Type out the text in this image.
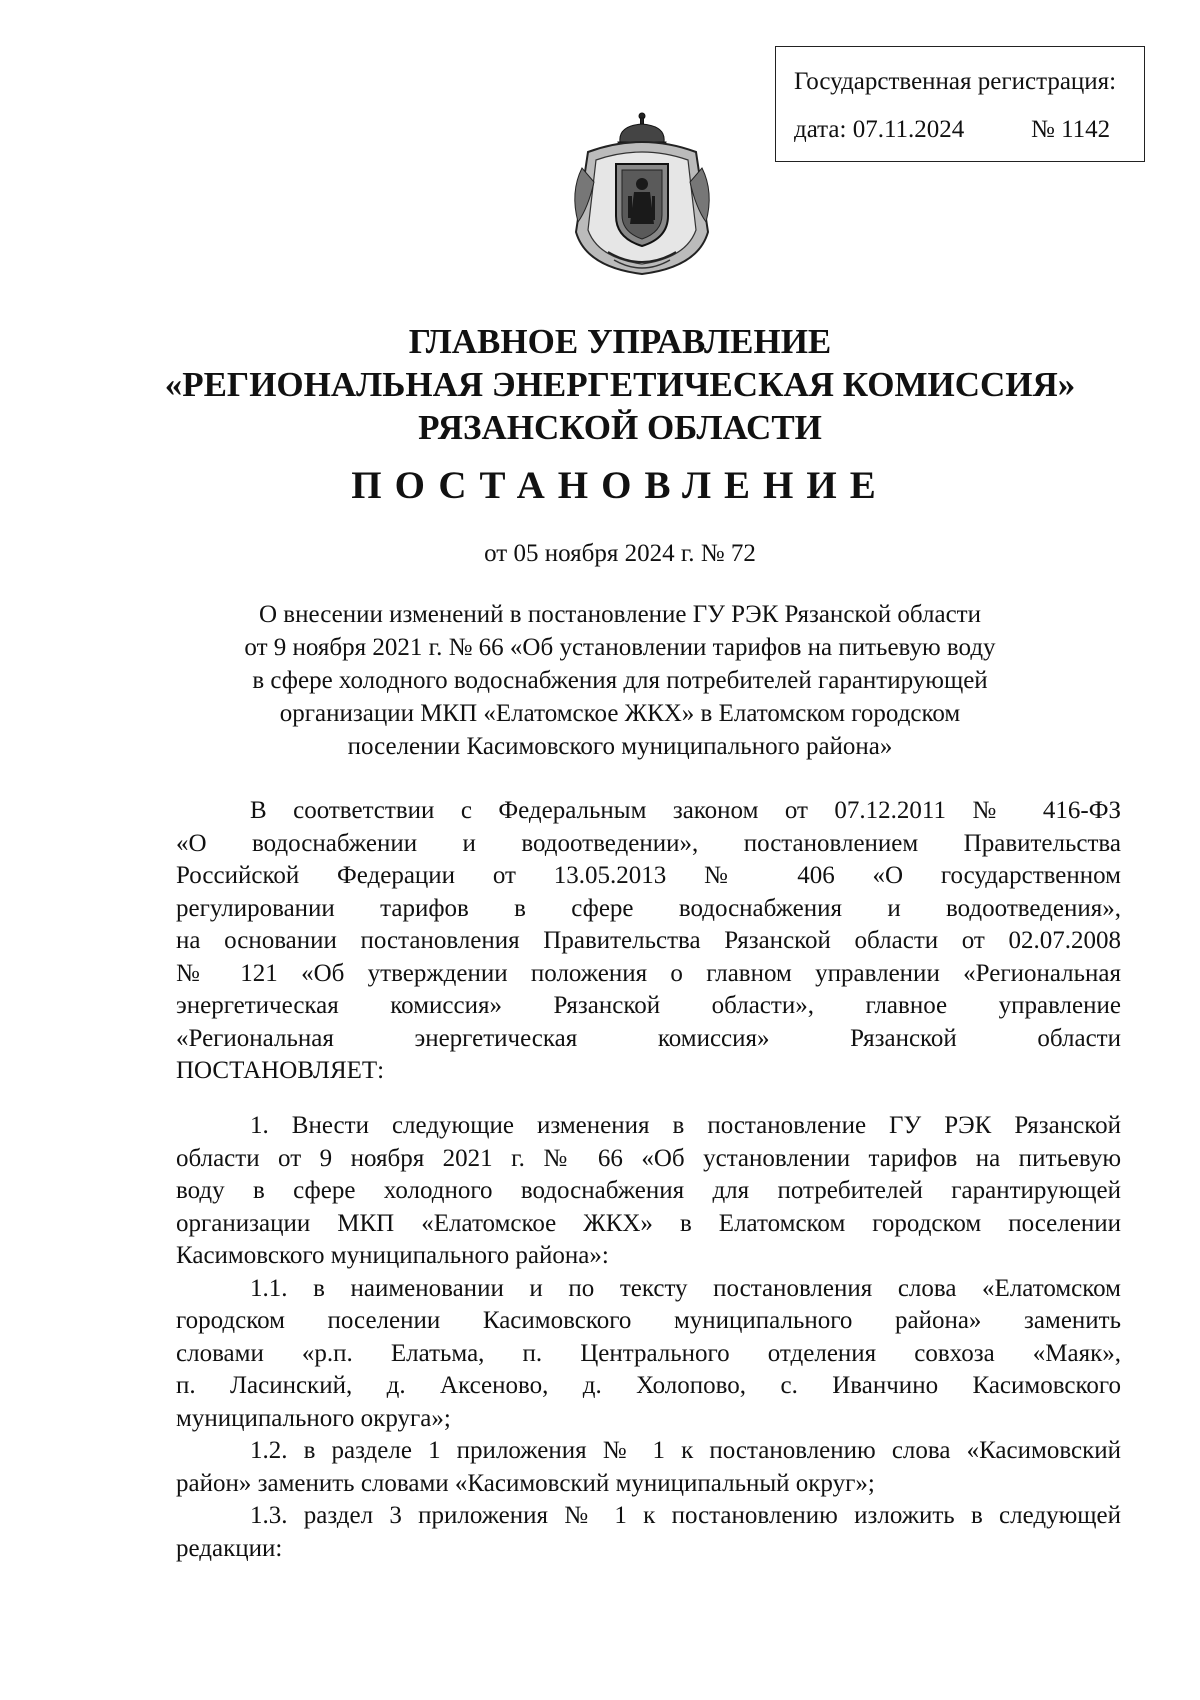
Государственная регистрация:
дата: 07.11.2024	№ 1142
ГЛАВНОЕ УПРАВЛЕНИЕ
«РЕГИОНАЛЬНАЯ ЭНЕРГЕТИЧЕСКАЯ КОМИССИЯ»
РЯЗАНСКОЙ ОБЛАСТИ
ПОСТАНОВЛЕНИЕ
от 05 ноября 2024 г. № 72
О внесении изменений в постановление ГУ РЭК Рязанской области
от 9 ноября 2021 г. № 66 «Об установлении тарифов на питьевую воду
в сфере холодного водоснабжения для потребителей гарантирующей
организации МКП «Елатомское ЖКХ» в Елатомском городском
поселении Касимовского муниципального района»
В соответствии с Федеральным законом от 07.12.2011 № 416-ФЗ
«О водоснабжении и водоотведении», постановлением Правительства
Российской Федерации от 13.05.2013 № 406 «О государственном
регулировании тарифов в сфере водоснабжения и водоотведения»,
на основании постановления Правительства Рязанской области от 02.07.2008
№ 121 «Об утверждении положения о главном управлении «Региональная
энергетическая комиссия» Рязанской области», главное управление
«Региональная энергетическая комиссия» Рязанской области
ПОСТАНОВЛЯЕТ:
1. Внести следующие изменения в постановление ГУ РЭК Рязанской
области от 9 ноября 2021 г. № 66 «Об установлении тарифов на питьевую
воду в сфере холодного водоснабжения для потребителей гарантирующей
организации МКП «Елатомское ЖКХ» в Елатомском городском поселении
Касимовского муниципального района»:
1.1. в наименовании и по тексту постановления слова «Елатомском
городском поселении Касимовского муниципального района» заменить
словами «р.п. Елатьма, п. Центрального отделения совхоза «Маяк»,
п. Ласинский, д. Аксеново, д. Холопово, с. Иванчино Касимовского
муниципального округа»;
1.2. в разделе 1 приложения № 1 к постановлению слова «Касимовский
район» заменить словами «Касимовский муниципальный округ»;
1.3. раздел 3 приложения № 1 к постановлению изложить в следующей
редакции:
